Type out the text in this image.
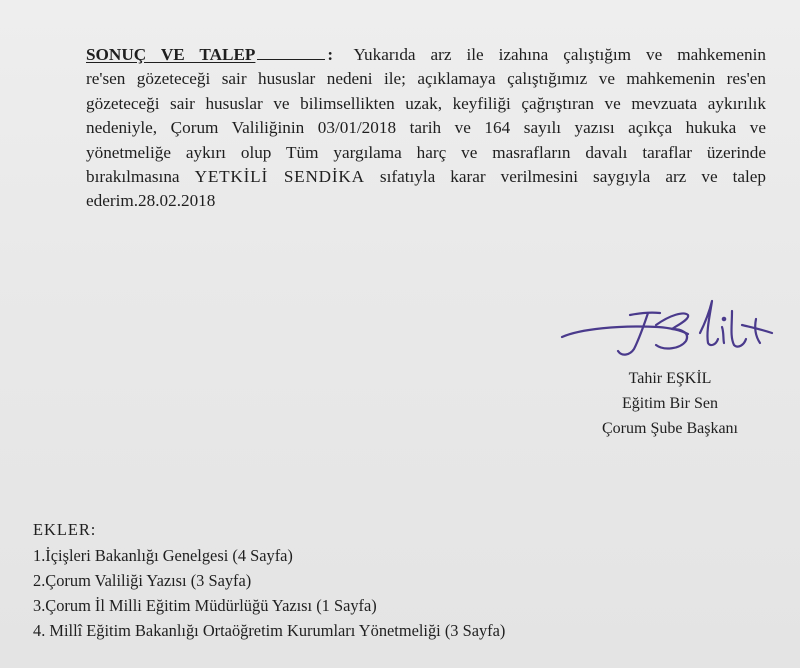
SONUÇ VE TALEP	: Yukarıda arz ile izahına çalıştığım ve mahkemenin
re'sen gözeteceği sair hususlar nedeni ile; açıklamaya çalıştığımız ve mahkemenin res'en
gözeteceği sair hususlar ve bilimsellikten uzak, keyfiliği çağrıştıran ve mevzuata aykırılık
nedeniyle, Çorum Valiliğinin 03/01/2018 tarih ve 164 sayılı yazısı açıkça hukuka ve
yönetmeliğe aykırı olup Tüm yargılama harç ve masrafların davalı taraflar üzerinde
bırakılmasına YETKİLİ SENDİKA sıfatıyla karar verilmesini saygıyla arz ve talep
ederim.28.02.2018
Tahir EŞKİL
Eğitim Bir Sen
Çorum Şube Başkanı
EKLER:
1.İçişleri Bakanlığı Genelgesi (4 Sayfa)
2.Çorum Valiliği Yazısı (3 Sayfa)
3.Çorum İl Milli Eğitim Müdürlüğü Yazısı (1 Sayfa)
4. Millî Eğitim Bakanlığı Ortaöğretim Kurumları Yönetmeliği (3 Sayfa)
